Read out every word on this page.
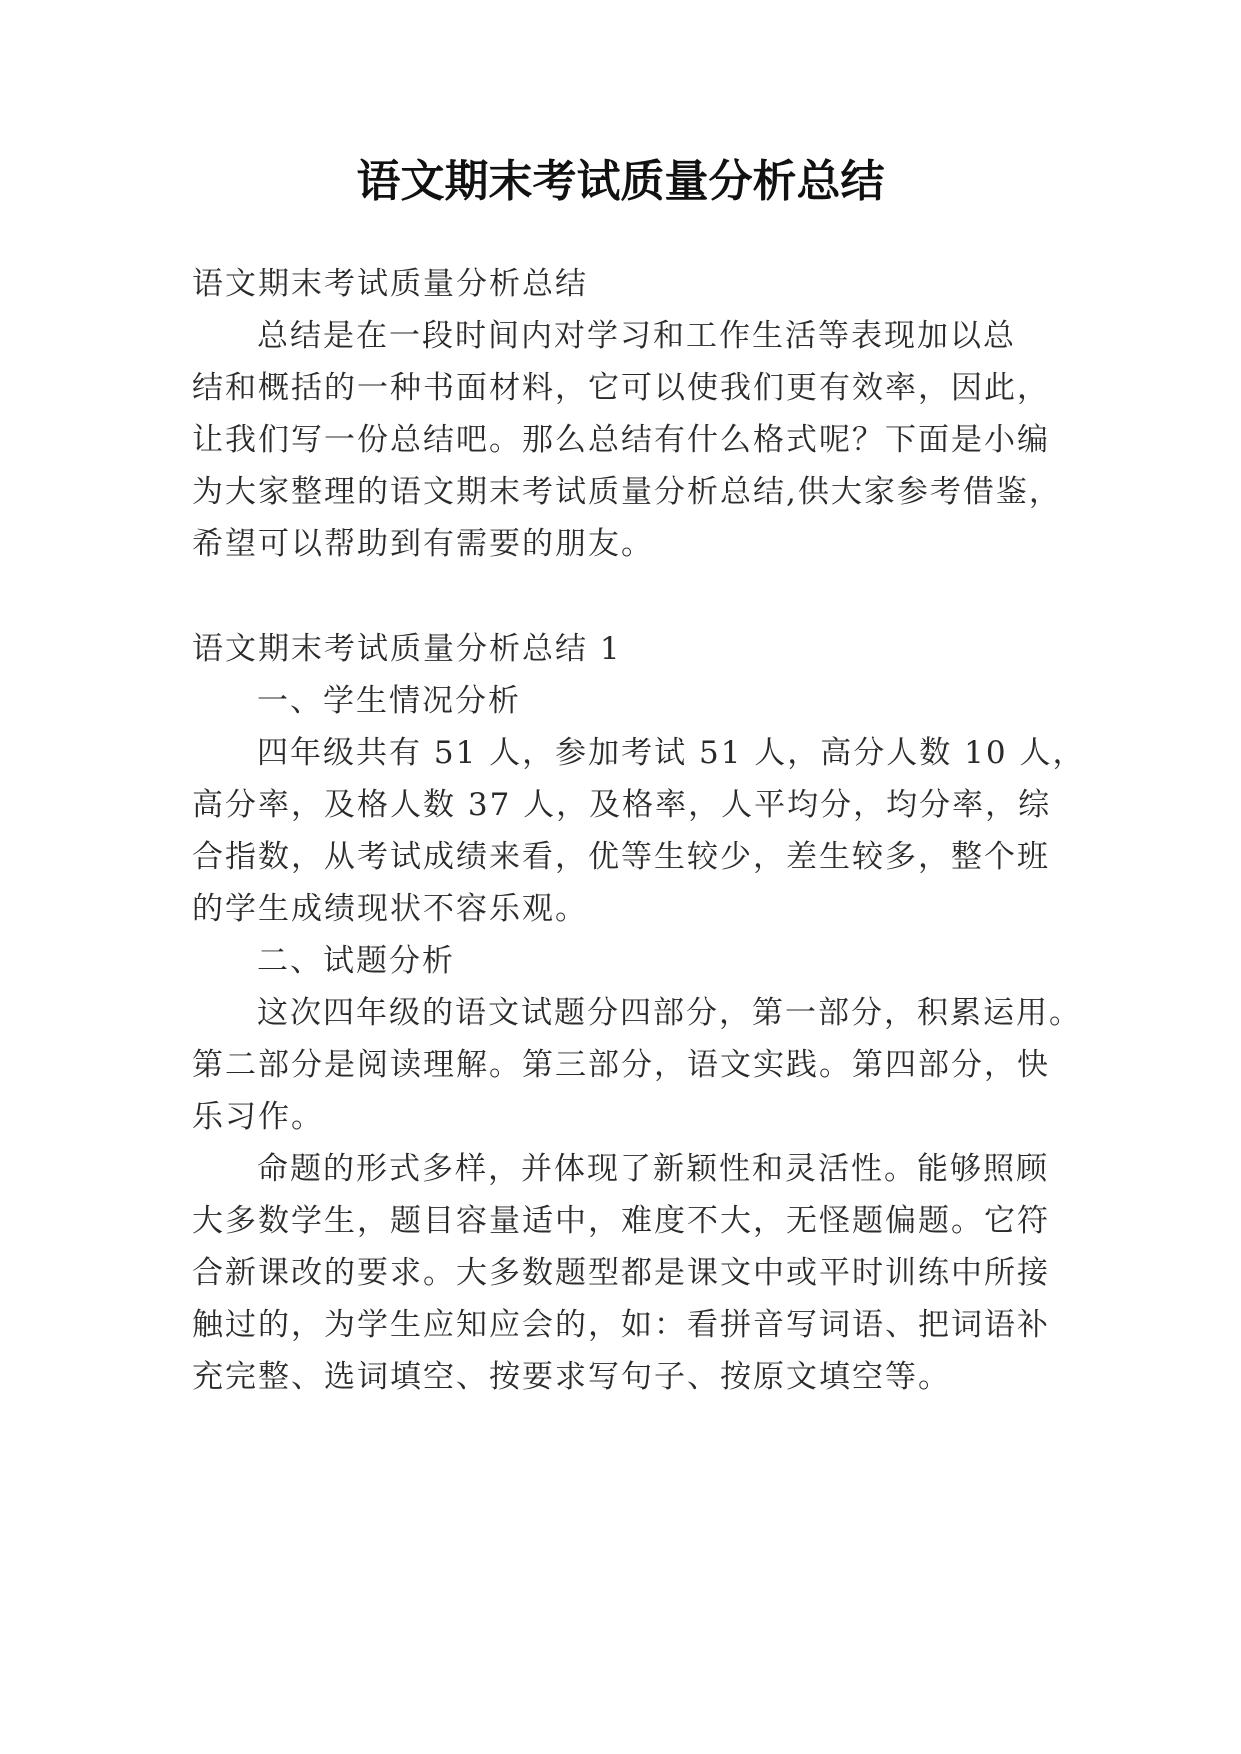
语文期末考试质量分析总结
语文期末考试质量分析总结
总结是在一段时间内对学习和工作生活等表现加以总
结和概括的一种书面材料，它可以使我们更有效率，因此，
让我们写一份总结吧。那么总结有什么格式呢？下面是小编
为大家整理的语文期末考试质量分析总结,供大家参考借鉴，
希望可以帮助到有需要的朋友。
语文期末考试质量分析总结 1
一、学生情况分析
四年级共有 51 人，参加考试 51 人，高分人数 10 人，
高分率，及格人数 37 人，及格率，人平均分，均分率，综
合指数，从考试成绩来看，优等生较少，差生较多，整个班
的学生成绩现状不容乐观。
二、试题分析
这次四年级的语文试题分四部分，第一部分，积累运用。
第二部分是阅读理解。第三部分，语文实践。第四部分，快
乐习作。
命题的形式多样，并体现了新颖性和灵活性。能够照顾
大多数学生，题目容量适中，难度不大，无怪题偏题。它符
合新课改的要求。大多数题型都是课文中或平时训练中所接
触过的，为学生应知应会的，如：看拼音写词语、把词语补
充完整、选词填空、按要求写句子、按原文填空等。
